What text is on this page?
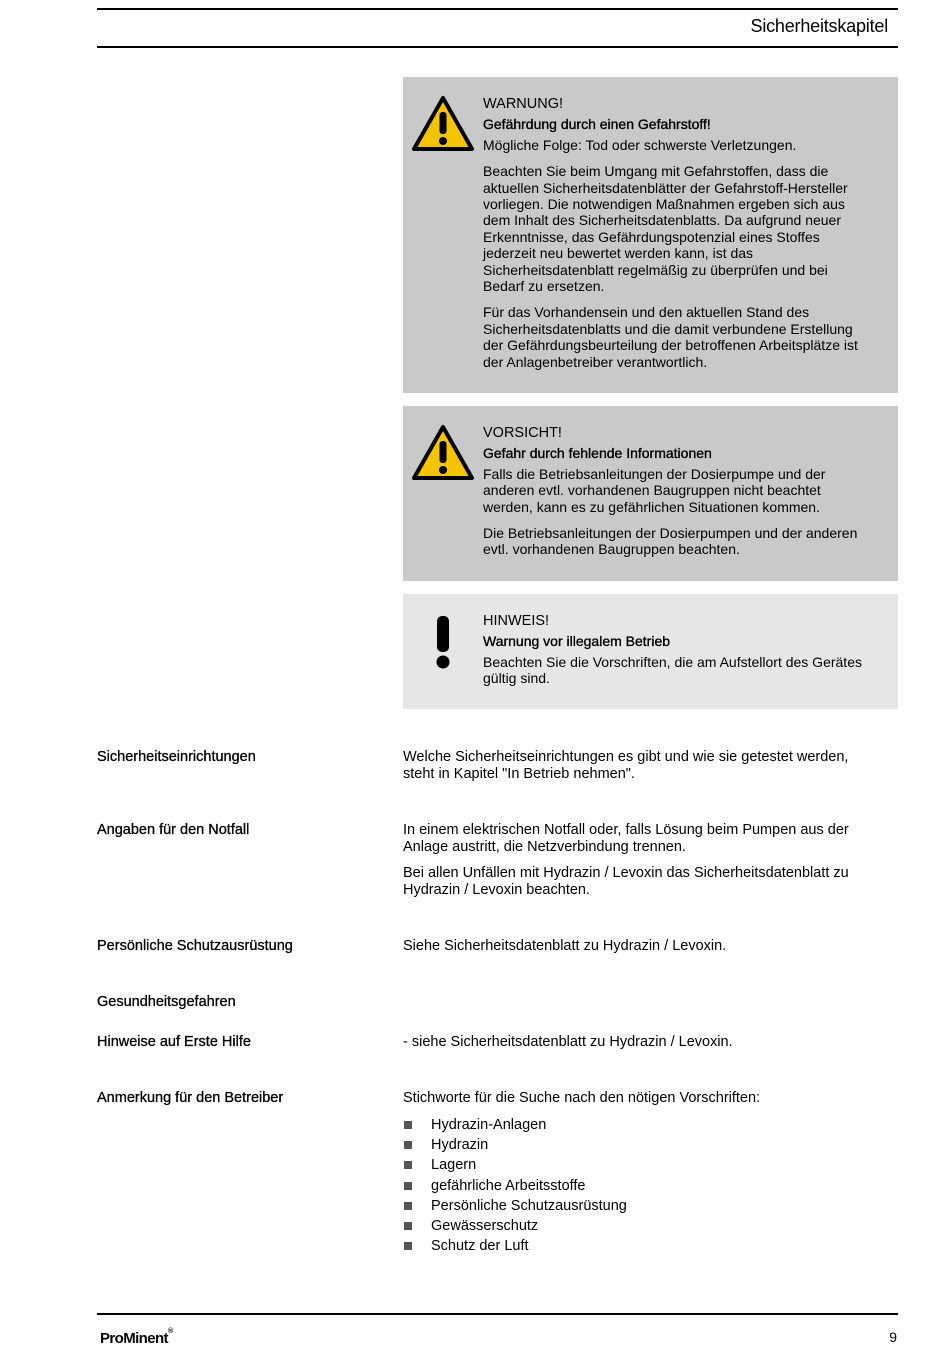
Sicherheitskapitel
WARNUNG!
Gefährdung durch einen Gefahrstoff!
Mögliche Folge: Tod oder schwerste Verletzungen.
Beachten Sie beim Umgang mit Gefahrstoffen, dass die aktuellen Sicherheitsdatenblätter der Gefahrstoff-Hersteller vorliegen. Die notwendigen Maßnahmen ergeben sich aus dem Inhalt des Sicherheitsdatenblatts. Da aufgrund neuer Erkenntnisse, das Gefährdungspotenzial eines Stoffes jederzeit neu bewertet werden kann, ist das Sicherheitsdatenblatt regelmäßig zu überprüfen und bei Bedarf zu ersetzen.
Für das Vorhandensein und den aktuellen Stand des Sicherheitsdatenblatts und die damit verbundene Erstellung der Gefährdungsbeurteilung der betroffenen Arbeitsplätze ist der Anlagenbetreiber verantwortlich.
VORSICHT!
Gefahr durch fehlende Informationen
Falls die Betriebsanleitungen der Dosierpumpe und der anderen evtl. vorhandenen Baugruppen nicht beachtet werden, kann es zu gefährlichen Situationen kommen.
Die Betriebsanleitungen der Dosierpumpen und der anderen evtl. vorhandenen Baugruppen beachten.
HINWEIS!
Warnung vor illegalem Betrieb
Beachten Sie die Vorschriften, die am Aufstellort des Gerätes gültig sind.
Sicherheitseinrichtungen	Welche Sicherheitseinrichtungen es gibt und wie sie getestet werden, steht in Kapitel "In Betrieb nehmen".
Angaben für den Notfall	In einem elektrischen Notfall oder, falls Lösung beim Pumpen aus der Anlage austritt, die Netzverbindung trennen.
Bei allen Unfällen mit Hydrazin / Levoxin das Sicherheitsdatenblatt zu Hydrazin / Levoxin beachten.
Persönliche Schutzausrüstung	Siehe Sicherheitsdatenblatt zu Hydrazin / Levoxin.
Gesundheitsgefahren
Hinweise auf Erste Hilfe	- siehe Sicherheitsdatenblatt zu Hydrazin / Levoxin.
Anmerkung für den Betreiber	Stichworte für die Suche nach den nötigen Vorschriften:
Hydrazin-Anlagen
Hydrazin
Lagern
gefährliche Arbeitsstoffe
Persönliche Schutzausrüstung
Gewässerschutz
Schutz der Luft
ProMinent®	9
